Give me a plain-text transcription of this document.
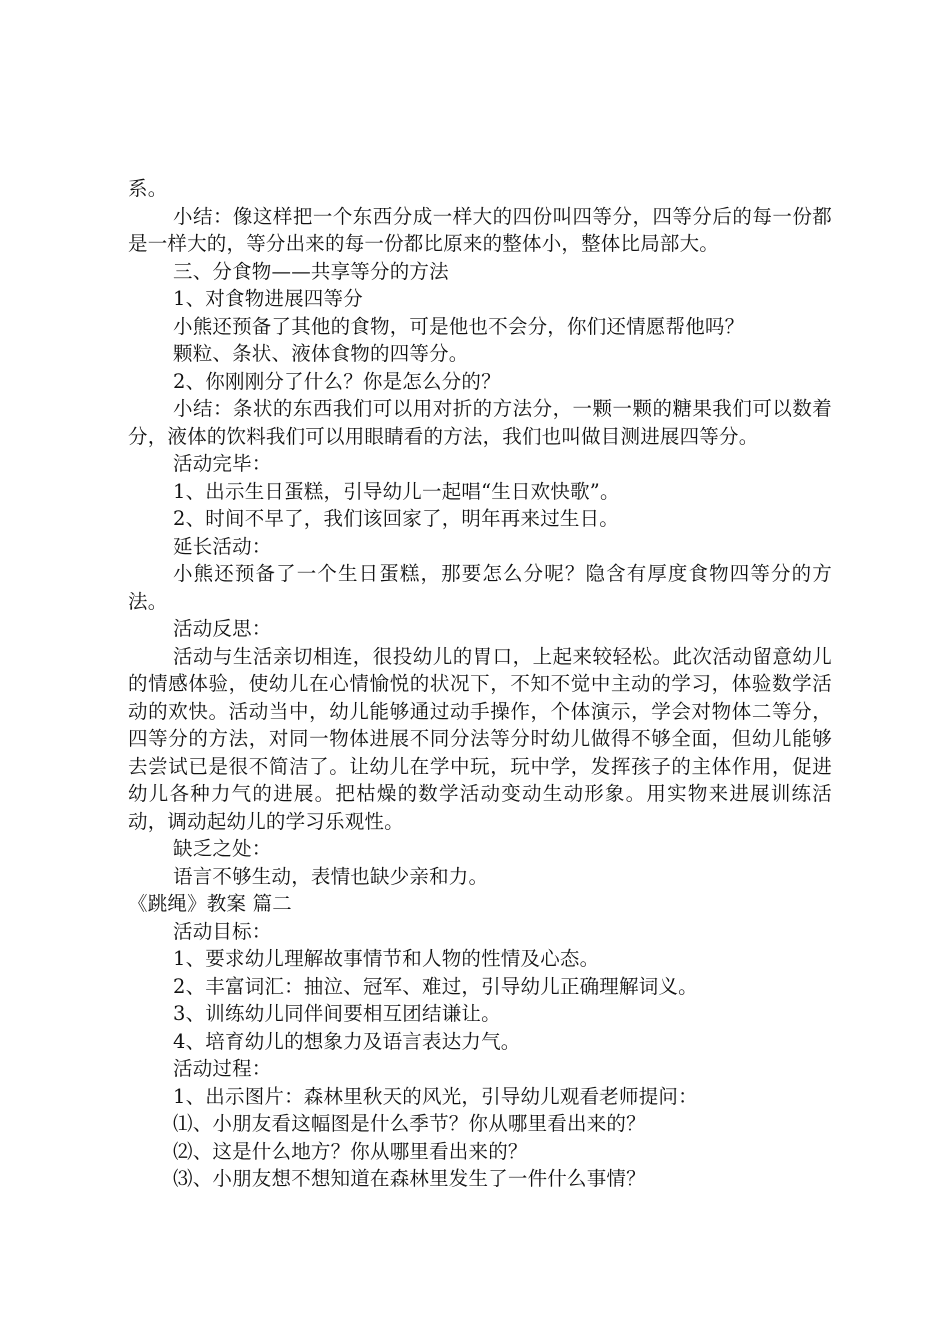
系。

小结：像这样把一个东西分成一样大的四份叫四等分，四等分后的每一份都是一样大的，等分出来的每一份都比原来的整体小，整体比局部大。

三、分食物——共享等分的方法

1、对食物进展四等分

小熊还预备了其他的食物，可是他也不会分，你们还情愿帮他吗？

颗粒、条状、液体食物的四等分。

2、你刚刚分了什么？你是怎么分的？

小结：条状的东西我们可以用对折的方法分，一颗一颗的糖果我们可以数着分，液体的饮料我们可以用眼睛看的方法，我们也叫做目测进展四等分。

活动完毕：

1、出示生日蛋糕，引导幼儿一起唱“生日欢快歌”。

2、时间不早了，我们该回家了，明年再来过生日。

延长活动：

小熊还预备了一个生日蛋糕，那要怎么分呢？隐含有厚度食物四等分的方法。

活动反思：

活动与生活亲切相连，很投幼儿的胃口，上起来较轻松。此次活动留意幼儿的情感体验，使幼儿在心情愉悦的状况下，不知不觉中主动的学习，体验数学活动的欢快。活动当中，幼儿能够通过动手操作，个体演示，学会对物体二等分，四等分的方法，对同一物体进展不同分法等分时幼儿做得不够全面，但幼儿能够去尝试已是很不简洁了。让幼儿在学中玩，玩中学，发挥孩子的主体作用，促进幼儿各种力气的进展。把枯燥的数学活动变动生动形象。用实物来进展训练活动，调动起幼儿的学习乐观性。

缺乏之处：

语言不够生动，表情也缺少亲和力。

《跳绳》教案 篇二

活动目标：

1、要求幼儿理解故事情节和人物的性情及心态。

2、丰富词汇：抽泣、冠军、难过，引导幼儿正确理解词义。

3、训练幼儿同伴间要相互团结谦让。

4、培育幼儿的想象力及语言表达力气。

活动过程：

1、出示图片：森林里秋天的风光，引导幼儿观看老师提问：

⑴、小朋友看这幅图是什么季节？你从哪里看出来的？

⑵、这是什么地方？你从哪里看出来的？

⑶、小朋友想不想知道在森林里发生了一件什么事情？
